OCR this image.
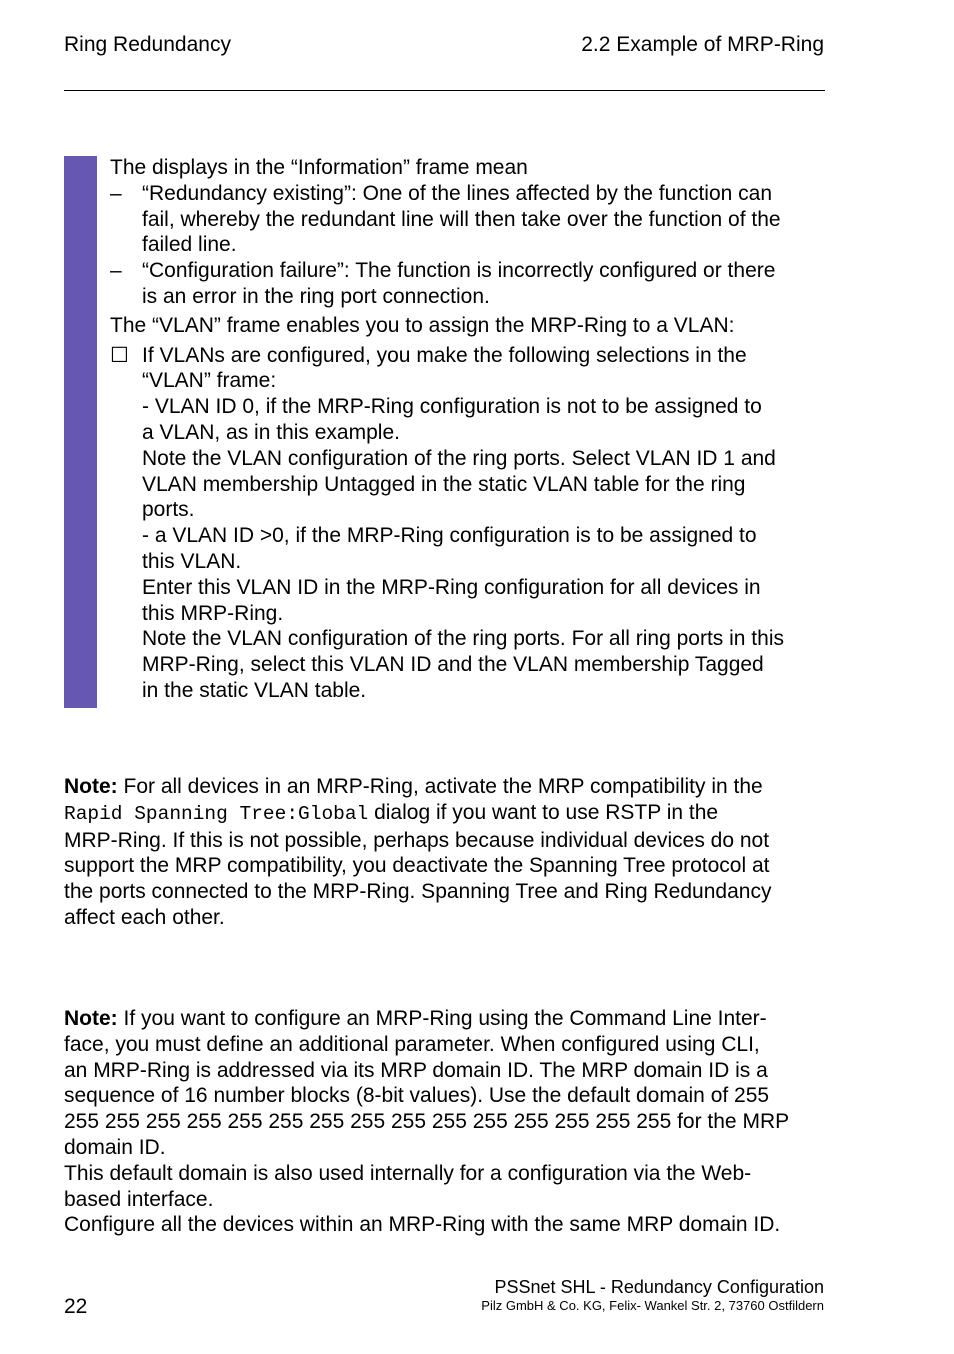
Ring Redundancy	2.2 Example of MRP-Ring

The displays in the “Information” frame mean

– “Redundancy existing”: One of the lines affected by the function can
fail, whereby the redundant line will then take over the function of the
failed line.
– “Configuration failure”: The function is incorrectly configured or there
is an error in the ring port connection.

The “VLAN” frame enables you to assign the MRP-Ring to a VLAN:

☐ If VLANs are configured, you make the following selections in the
“VLAN” frame:
- VLAN ID 0, if the MRP-Ring configuration is not to be assigned to
a VLAN, as in this example.
Note the VLAN configuration of the ring ports. Select VLAN ID 1 and
VLAN membership Untagged in the static VLAN table for the ring
ports.
- a VLAN ID >0, if the MRP-Ring configuration is to be assigned to
this VLAN.
Enter this VLAN ID in the MRP-Ring configuration for all devices in
this MRP-Ring.
Note the VLAN configuration of the ring ports. For all ring ports in this
MRP-Ring, select this VLAN ID and the VLAN membership Tagged
in the static VLAN table.
Note: For all devices in an MRP-Ring, activate the MRP compatibility in the
Rapid Spanning Tree:Global dialog if you want to use RSTP in the
MRP-Ring. If this is not possible, perhaps because individual devices do not
support the MRP compatibility, you deactivate the Spanning Tree protocol at
the ports connected to the MRP-Ring. Spanning Tree and Ring Redundancy
affect each other.
Note: If you want to configure an MRP-Ring using the Command Line Inter-
face, you must define an additional parameter. When configured using CLI,
an MRP-Ring is addressed via its MRP domain ID. The MRP domain ID is a
sequence of 16 number blocks (8-bit values). Use the default domain of 255
255 255 255 255 255 255 255 255 255 255 255 255 255 255 255 for the MRP
domain ID.
This default domain is also used internally for a configuration via the Web-
based interface.
Configure all the devices within an MRP-Ring with the same MRP domain ID.
22
PSSnet SHL - Redundancy Configuration
Pilz GmbH & Co. KG, Felix- Wankel Str. 2, 73760 Ostfildern
